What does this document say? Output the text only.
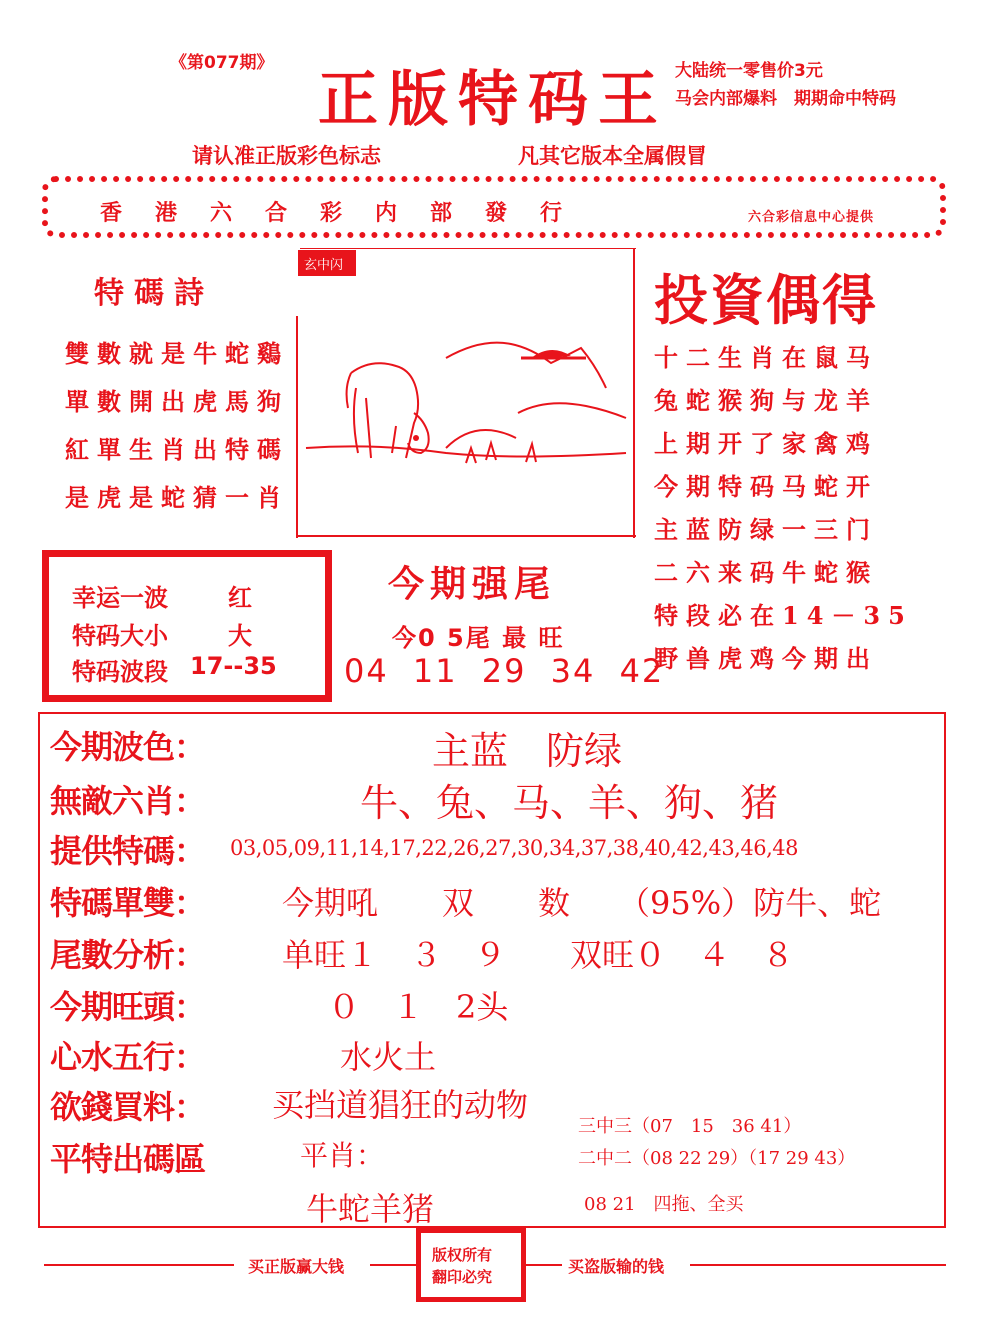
《第077期》
正版特码王 大陆统一零售价3元
马会内部爆料　期期命中特码
请认准正版彩色标志	凡其它版本全属假冒
香港六合彩内部發行	六合彩信息中心提供
特碼詩
雙數就是牛蛇鷄
單數開出虎馬狗
紅單生肖出特碼
是虎是蛇猜一肖
玄中闪
投資偶得
十二生肖在鼠马
兔蛇猴狗与龙羊
上期开了家禽鸡
今期特码马蛇开
主蓝防绿一三门
二六来码牛蛇猴
特段必在14－35
野兽虎鸡今期出
幸运一波	红
特码大小	大
特码波段 17--35
今期强尾
今0 5尾 最 旺
04 11 29 34 42
今期波色：	主蓝　防绿
無敵六肖：	牛、兔、马、羊、狗、猪
提供特碼： 03,05,09,11,14,17,22,26,27,30,34,37,38,40,42,43,46,48
特碼單雙： 今期吼　　双　　数　　（95%）防牛、蛇
尾數分析： 单旺１　３　９　　双旺０　４　８
今期旺頭：	０　１　2头
心水五行：	水火土
欲錢買料： 买挡道猖狂的动物
平特出碼區	平肖：
牛蛇羊猪
三中三（07　15　36 41）
二中二（08 22 29）（17 29 43）
08 21　四拖、全买
买正版赢大钱	买盗版输的钱
版权所有
翻印必究
